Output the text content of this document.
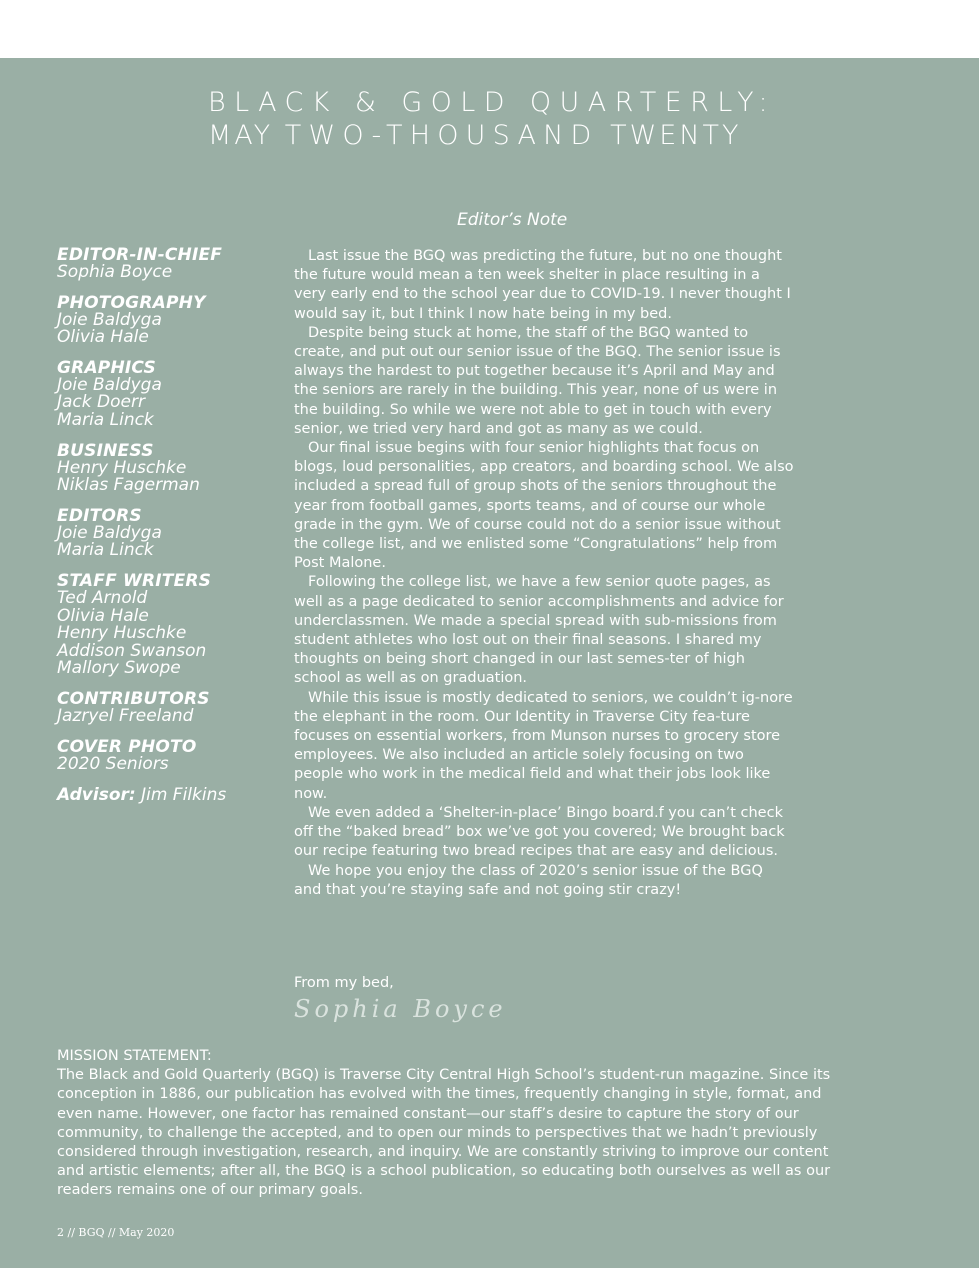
BLACK & GOLD QUARTERLY:
MAY TWO-THOUSAND TWENTY
Editor’s Note
EDITOR-IN-CHIEF
Sophia Boyce
PHOTOGRAPHY
Joie Baldyga
Olivia Hale
GRAPHICS
Joie Baldyga
Jack Doerr
Maria Linck
BUSINESS
Henry Huschke
Niklas Fagerman
EDITORS
Joie Baldyga
Maria Linck
STAFF WRITERS
Ted Arnold
Olivia Hale
Henry Huschke
Addison Swanson
Mallory Swope
CONTRIBUTORS
Jazryel Freeland
COVER PHOTO
2020 Seniors
Advisor: Jim Filkins

Last issue the BGQ was predicting the future, but no one thought the future would mean a ten week shelter in place resulting in a very early end to the school year due to COVID-19. I never thought I would say it, but I think I now hate being in my bed.

Despite being stuck at home, the staff of the BGQ wanted to create, and put out our senior issue of the BGQ. The senior issue is always the hardest to put together because it’s April and May and the seniors are rarely in the building. This year, none of us were in the building. So while we were not able to get in touch with every senior, we tried very hard and got as many as we could.

Our final issue begins with four senior highlights that focus on blogs, loud personalities, app creators, and boarding school. We also included a spread full of group shots of the seniors throughout the year from football games, sports teams, and of course our whole grade in the gym. We of course could not do a senior issue without the college list, and we enlisted some “Congratulations” help from Post Malone.

Following the college list, we have a few senior quote pages, as well as a page dedicated to senior accomplishments and advice for underclassmen. We made a special spread with sub-missions from student athletes who lost out on their final seasons. I shared my thoughts on being short changed in our last semes-ter of high school as well as on graduation.

While this issue is mostly dedicated to seniors, we couldn’t ig-nore the elephant in the room. Our Identity in Traverse City fea-ture focuses on essential workers, from Munson nurses to grocery store employees. We also included an article solely focusing on two people who work in the medical field and what their jobs look like now.

We even added a ‘Shelter-in-place’ Bingo board.f you can’t check off the “baked bread” box we’ve got you covered; We brought back our recipe featuring two bread recipes that are easy and delicious.

We hope you enjoy the class of 2020’s senior issue of the BGQ and that you’re staying safe and not going stir crazy!

From my bed,
Sophia Boyce
MISSION STATEMENT:
The Black and Gold Quarterly (BGQ) is Traverse City Central High School’s student-run magazine. Since its conception in 1886, our publication has evolved with the times, frequently changing in style, format, and even name. However, one factor has remained constant—our staff’s desire to capture the story of our community, to challenge the accepted, and to open our minds to perspectives that we hadn’t previously considered through investigation, research, and inquiry. We are constantly striving to improve our content and artistic elements; after all, the BGQ is a school publication, so educating both ourselves as well as our readers remains one of our primary goals.
2 // BGQ // May 2020
